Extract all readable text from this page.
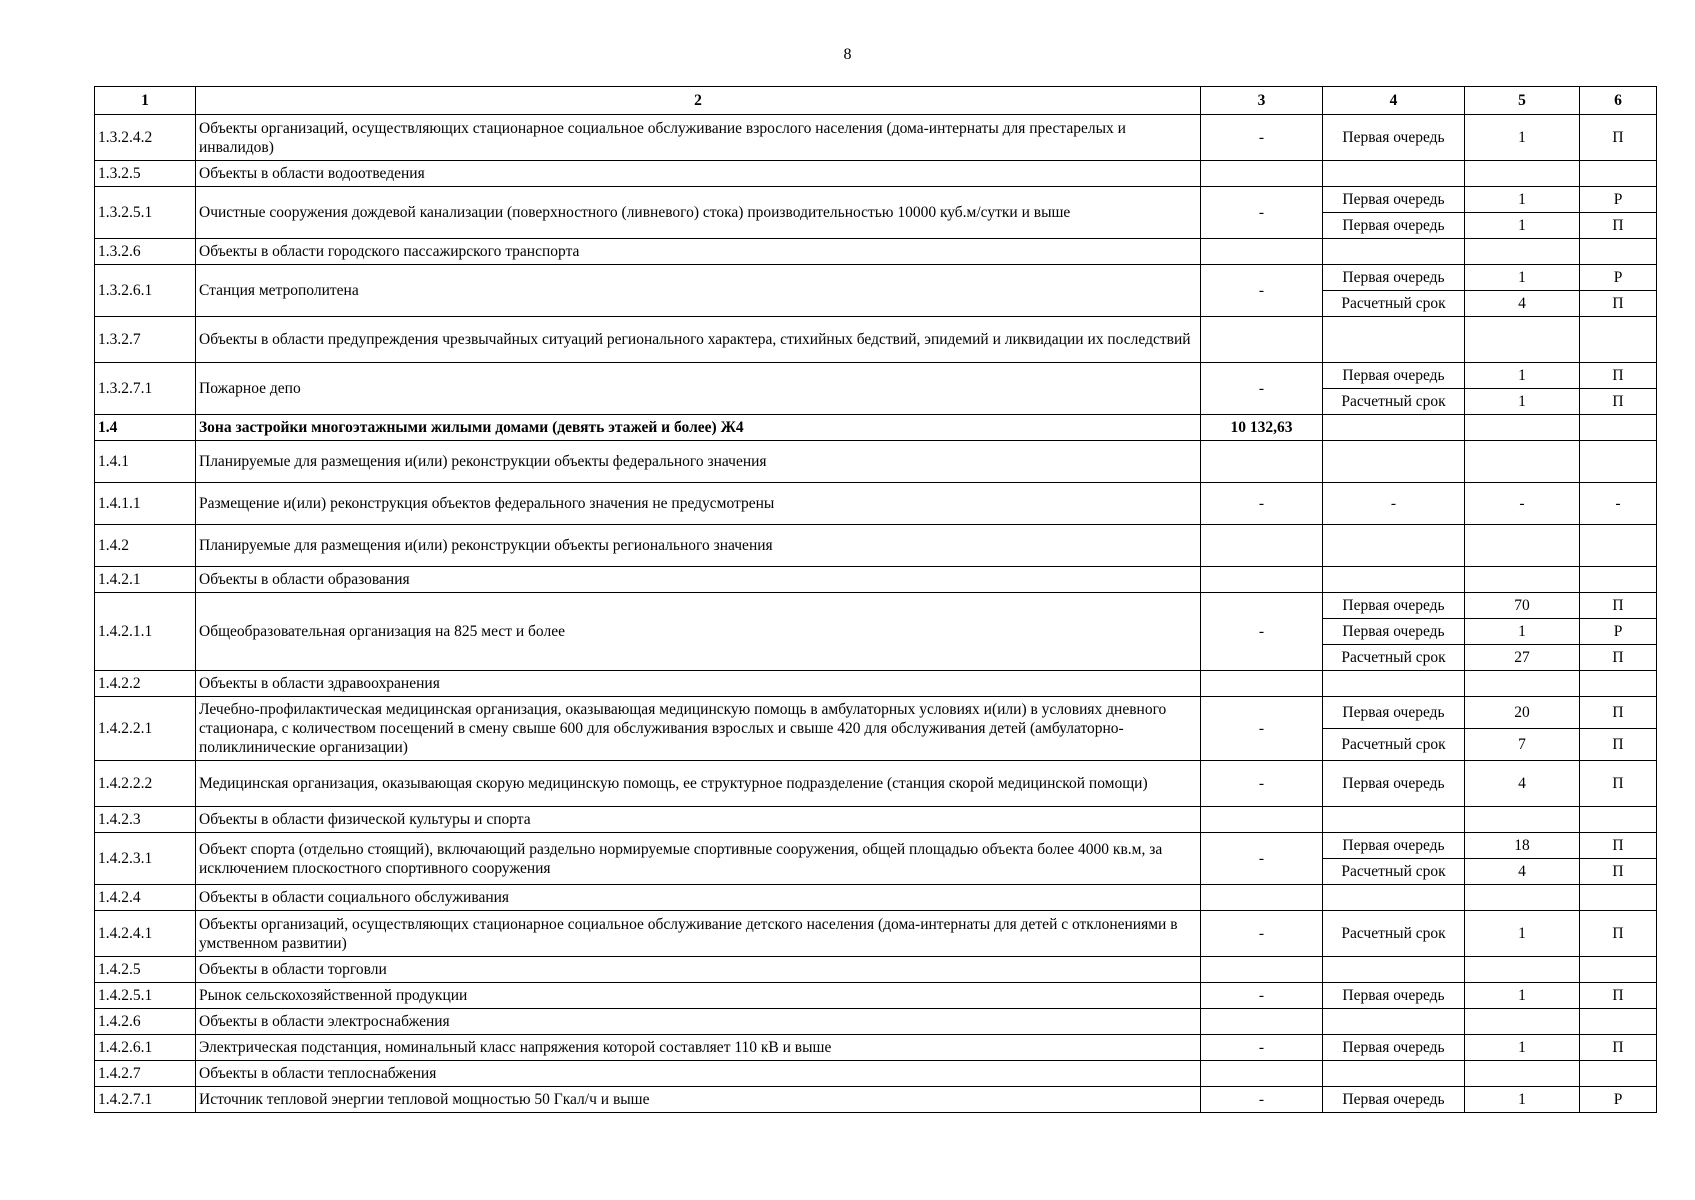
8
1	2	3	4	5	6
1.3.2.4.2	Объекты организаций, осуществляющих стационарное социальное обслуживание взрослого населения (дома-интернаты для престарелых и инвалидов)	-	Первая очередь	1	П
1.3.2.5	Объекты в области водоотведения				
1.3.2.5.1	Очистные сооружения дождевой канализации (поверхностного (ливневого) стока) производительностью 10000 куб.м/сутки и выше	-	Первая очередь	1	Р
			Первая очередь	1	П
1.3.2.6	Объекты в области городского пассажирского транспорта				
1.3.2.6.1	Станция метрополитена	-	Первая очередь	1	Р
			Расчетный срок	4	П
1.3.2.7	Объекты в области предупреждения чрезвычайных ситуаций регионального характера, стихийных бедствий, эпидемий и ликвидации их последствий				
1.3.2.7.1	Пожарное депо	-	Первая очередь	1	П
			Расчетный срок	1	П
1.4	Зона застройки многоэтажными жилыми домами (девять этажей и более) Ж4	10 132,63			
1.4.1	Планируемые для размещения и(или) реконструкции объекты федерального значения				
1.4.1.1	Размещение и(или) реконструкция объектов федерального значения не предусмотрены	-	-	-	-
1.4.2	Планируемые для размещения и(или) реконструкции объекты регионального значения				
1.4.2.1	Объекты в области образования				
1.4.2.1.1	Общеобразовательная организация на 825 мест и более	-	Первая очередь	70	П
			Первая очередь	1	Р
			Расчетный срок	27	П
1.4.2.2	Объекты в области здравоохранения				
1.4.2.2.1	Лечебно-профилактическая медицинская организация, оказывающая медицинскую помощь в амбулаторных условиях и(или) в условиях дневного стационара, с количеством посещений в смену свыше 600 для обслуживания взрослых и свыше 420 для обслуживания детей (амбулаторно-поликлинические организации)	-	Первая очередь	20	П
			Расчетный срок	7	П
1.4.2.2.2	Медицинская организация, оказывающая скорую медицинскую помощь, ее структурное подразделение (станция скорой медицинской помощи)	-	Первая очередь	4	П
1.4.2.3	Объекты в области физической культуры и спорта				
1.4.2.3.1	Объект спорта (отдельно стоящий), включающий раздельно нормируемые спортивные сооружения, общей площадью объекта более 4000 кв.м, за исключением плоскостного спортивного сооружения	-	Первая очередь	18	П
			Расчетный срок	4	П
1.4.2.4	Объекты в области социального обслуживания				
1.4.2.4.1	Объекты организаций, осуществляющих стационарное социальное обслуживание детского населения (дома-интернаты для детей с отклонениями в умственном развитии)	-	Расчетный срок	1	П
1.4.2.5	Объекты в области торговли				
1.4.2.5.1	Рынок сельскохозяйственной продукции	-	Первая очередь	1	П
1.4.2.6	Объекты в области электроснабжения				
1.4.2.6.1	Электрическая подстанция, номинальный класс напряжения которой составляет 110 кВ и выше	-	Первая очередь	1	П
1.4.2.7	Объекты в области теплоснабжения				
1.4.2.7.1	Источник тепловой энергии тепловой мощностью 50 Гкал/ч и выше	-	Первая очередь	1	Р
